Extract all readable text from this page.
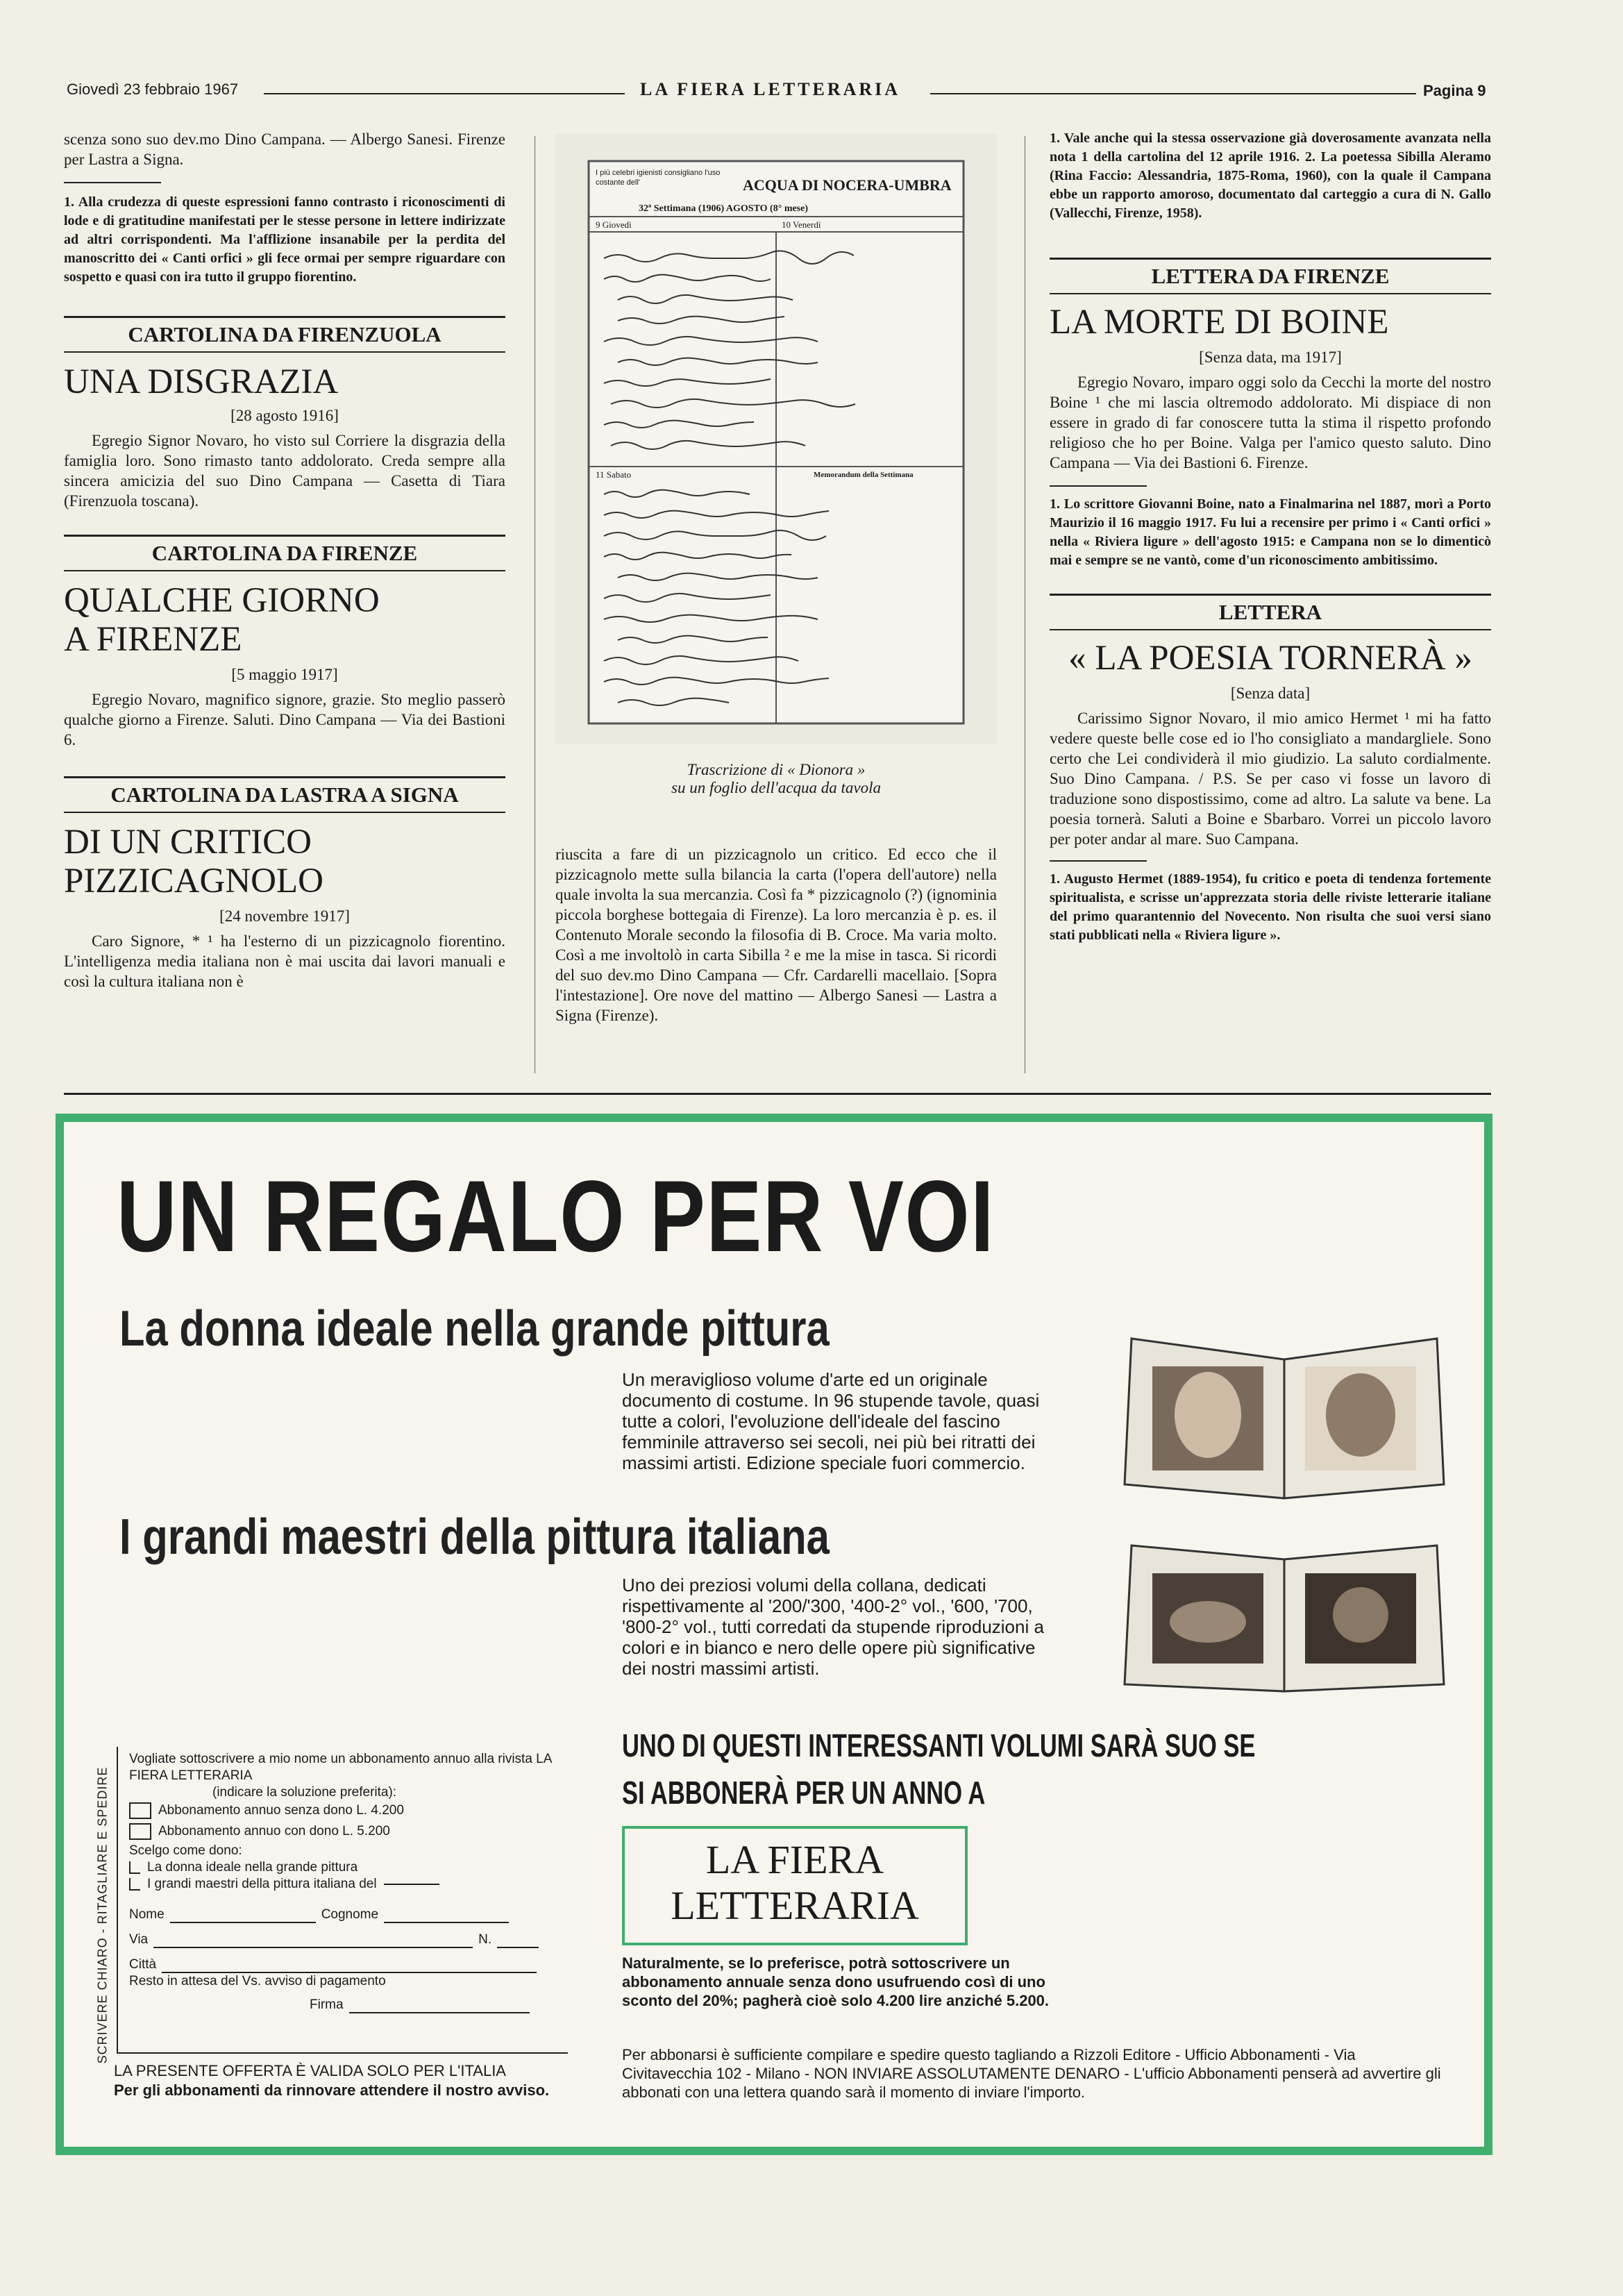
Giovedì 23 febbraio 1967	LA FIERA LETTERARIA	Pagina 9

scenza sono suo dev.mo Dino Campana. — Albergo Sanesi. Firenze per Lastra a Signa.

1. Alla crudezza di queste espressioni fanno contrasto i riconoscimenti di lode e di gratitudine manifestati per le stesse persone in lettere indirizzate ad altri corrispondenti. Ma l'afflizione insanabile per la perdita del manoscritto dei « Canti orfici » gli fece ormai per sempre riguardare con sospetto e quasi con ira tutto il gruppo fiorentino.

CARTOLINA DA FIRENZUOLA
UNA DISGRAZIA
[28 agosto 1916]

Egregio Signor Novaro, ho visto sul Corriere la disgrazia della famiglia loro. Sono rimasto tanto addolorato. Creda sempre alla sincera amicizia del suo Dino Campana — Casetta di Tiara (Firenzuola toscana).

CARTOLINA DA FIRENZE
QUALCHE GIORNO
A FIRENZE
[5 maggio 1917]

Egregio Novaro, magnifico signore, grazie. Sto meglio passerò qualche giorno a Firenze. Saluti. Dino Campana — Via dei Bastioni 6.

CARTOLINA DA LASTRA A SIGNA
DI UN CRITICO
PIZZICAGNOLO
[24 novembre 1917]

Caro Signore, * ¹ ha l'esterno di un pizzicagnolo fiorentino. L'intelligenza media italiana non è mai uscita dai lavori manuali e così la cultura italiana non è

I più celebri igienisti consigliano l'uso costante dell'	ACQUA DI NOCERA-UMBRA
32ª Settimana (1906) AGOSTO (8° mese)
9 Giovedì	10 Venerdì
11 Sabato	Memorandum della Settimana
Trascrizione di « Dionora »
su un foglio dell'acqua da tavola

riuscita a fare di un pizzicagnolo un critico. Ed ecco che il pizzicagnolo mette sulla bilancia la carta (l'opera dell'autore) nella quale involta la sua mercanzia. Così fa * pizzicagnolo (?) (ignominia piccola borghese bottegaia di Firenze). La loro mercanzia è p. es. il Contenuto Morale secondo la filosofia di B. Croce. Ma varia molto. Così a me involtolò in carta Sibilla ² e me la mise in tasca. Si ricordi del suo dev.mo Dino Campana — Cfr. Cardarelli macellaio. [Sopra l'intestazione]. Ore nove del mattino — Albergo Sanesi — Lastra a Signa (Firenze).

1. Vale anche qui la stessa osservazione già doverosamente avanzata nella nota 1 della cartolina del 12 aprile 1916. 2. La poetessa Sibilla Aleramo (Rina Faccio: Alessandria, 1875-Roma, 1960), con la quale il Campana ebbe un rapporto amoroso, documentato dal carteggio a cura di N. Gallo (Vallecchi, Firenze, 1958).

LETTERA DA FIRENZE
LA MORTE DI BOINE
[Senza data, ma 1917]

Egregio Novaro, imparo oggi solo da Cecchi la morte del nostro Boine ¹ che mi lascia oltremodo addolorato. Mi dispiace di non essere in grado di far conoscere tutta la stima il rispetto profondo religioso che ho per Boine. Valga per l'amico questo saluto. Dino Campana — Via dei Bastioni 6. Firenze.

1. Lo scrittore Giovanni Boine, nato a Finalmarina nel 1887, morì a Porto Maurizio il 16 maggio 1917. Fu lui a recensire per primo i « Canti orfici » nella « Riviera ligure » dell'agosto 1915: e Campana non se lo dimenticò mai e sempre se ne vantò, come d'un riconoscimento ambitissimo.

LETTERA
« LA POESIA TORNERÀ »
[Senza data]

Carissimo Signor Novaro, il mio amico Hermet ¹ mi ha fatto vedere queste belle cose ed io l'ho consigliato a mandargliele. Sono certo che Lei condividerà il mio giudizio. La saluto cordialmente. Suo Dino Campana. / P.S. Se per caso vi fosse un lavoro di traduzione sono dispostissimo, come ad altro. La salute va bene. La poesia tornerà. Saluti a Boine e Sbarbaro. Vorrei un piccolo lavoro per poter andar al mare. Suo Campana.

1. Augusto Hermet (1889-1954), fu critico e poeta di tendenza fortemente spiritualista, e scrisse un'apprezzata storia delle riviste letterarie italiane del primo quarantennio del Novecento. Non risulta che suoi versi siano stati pubblicati nella « Riviera ligure ».

UN REGALO PER VOI
La donna ideale nella grande pittura

Un meraviglioso volume d'arte ed un originale documento di costume. In 96 stupende tavole, quasi tutte a colori, l'evoluzione dell'ideale del fascino femminile attraverso sei secoli, nei più bei ritratti dei massimi artisti. Edizione speciale fuori commercio.

I grandi maestri della pittura italiana

Uno dei preziosi volumi della collana, dedicati rispettivamente al '200/'300, '400-2° vol., '600, '700, '800-2° vol., tutti corredati da stupende riproduzioni a colori e in bianco e nero delle opere più significative dei nostri massimi artisti.

UNO DI QUESTI INTERESSANTI VOLUMI SARÀ SUO SE
SI ABBONERÀ PER UN ANNO A
LA FIERA
LETTERARIA

Naturalmente, se lo preferisce, potrà sottoscrivere un abbonamento annuale senza dono usufruendo così di uno sconto del 20%; pagherà cioè solo 4.200 lire anziché 5.200.

Per abbonarsi è sufficiente compilare e spedire questo tagliando a Rizzoli Editore - Ufficio Abbonamenti - Via Civitavecchia 102 - Milano - NON INVIARE ASSOLUTAMENTE DENARO - L'ufficio Abbonamenti penserà ad avvertire gli abbonati con una lettera quando sarà il momento di inviare l'importo.

SCRIVERE CHIARO - RITAGLIARE E SPEDIRE
Vogliate sottoscrivere a mio nome un abbonamento annuo alla rivista LA FIERA LETTERARIA
(indicare la soluzione preferita):
Abbonamento annuo senza dono L. 4.200
Abbonamento annuo con dono L. 5.200
Scelgo come dono:
La donna ideale nella grande pittura
I grandi maestri della pittura italiana del
Nome	Cognome
Via	N.
Città
Resto in attesa del Vs. avviso di pagamento
Firma
LA PRESENTE OFFERTA È VALIDA SOLO PER L'ITALIA
Per gli abbonamenti da rinnovare attendere il nostro avviso.
